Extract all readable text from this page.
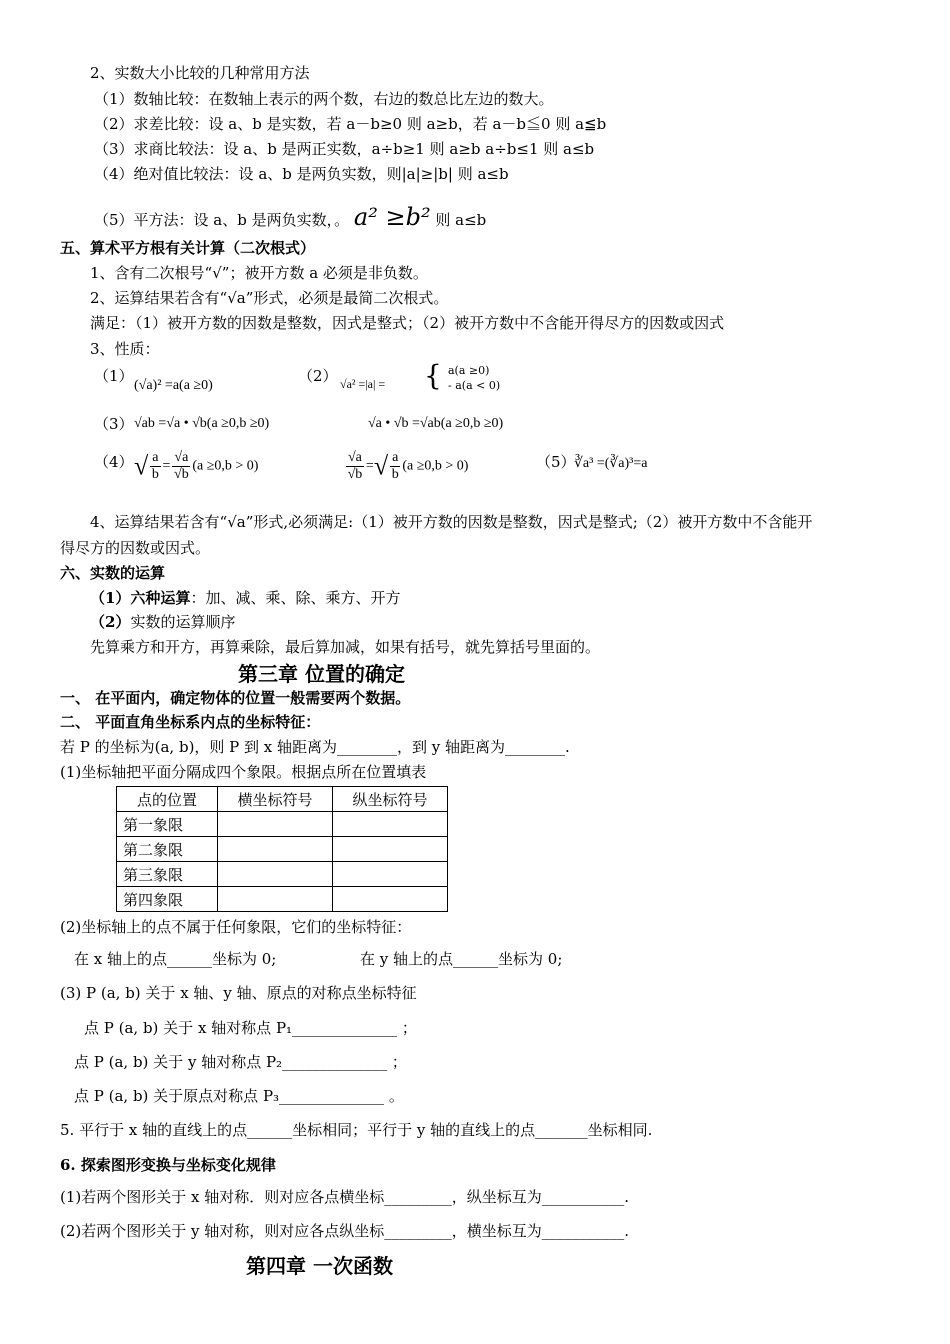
2、实数大小比较的几种常用方法
（1）数轴比较：在数轴上表示的两个数，右边的数总比左边的数大。
（2）求差比较：设 a、b 是实数，若 a－b≥0 则 a≥b，若 a－b≦0 则 a≦b
（3）求商比较法：设 a、b 是两正实数，a÷b≥1 则 a≥b a÷b≤1 则 a≤b
（4）绝对值比较法：设 a、b 是两负实数，则|a|≥|b| 则 a≤b
（5）平方法：设 a、b 是两负实数，。 a² ≥b² 则 a≤b
五、算术平方根有关计算（二次根式）
1、含有二次根号“√”；被开方数 a 必须是非负数。
2、运算结果若含有“√a”形式，必须是最简二次根式。
满足：（1）被开方数的因数是整数，因式是整式；（2）被开方数中不含能开得尽方的因数或因式
3、性质：
（1）
(√a)² =a(a ≥0)
（2） √a² =|a| = { a(a ≥0)
- a(a < 0)
（3） √ab =√a • √b(a ≥0,b ≥0)	√a • √b =√ab(a ≥0,b ≥0)
（4） √ $\frac{a}{b} = \frac{√a}{√b} (a \ge 0,b > 0)$	$\frac{√a}{√b}$ =√ $\frac{a}{b} (a \ge 0,b > 0)$	（5）
∛a³ =(∛a)³=a
4、运算结果若含有“√a”形式,必须满足:（1）被开方数的因数是整数，因式是整式;（2）被开方数中不含能开
得尽方的因数或因式。
六、实数的运算
（1）六种运算：加、减、乘、除、乘方、开方
（2）实数的运算顺序
先算乘方和开方，再算乘除，最后算加减，如果有括号，就先算括号里面的。
第三章 位置的确定
一、 在平面内，确定物体的位置一般需要两个数据。
二、 平面直角坐标系内点的坐标特征：
若 P 的坐标为(a, b)，则 P 到 x 轴距离为________，到 y 轴距离为________.
(1)坐标轴把平面分隔成四个象限。根据点所在位置填表
点的位置	横坐标符号	纵坐标符号
第一象限		
第二象限		
第三象限		
第四象限		
(2)坐标轴上的点不属于任何象限，它们的坐标特征：
在 x 轴上的点______坐标为 0;	在 y 轴上的点______坐标为 0;
(3) P (a, b) 关于 x 轴、y 轴、原点的对称点坐标特征
点 P (a, b) 关于 x 轴对称点 P₁______________ ；
点 P (a, b) 关于 y 轴对称点 P₂______________ ；
点 P (a, b) 关于原点对称点 P₃______________ 。
5. 平行于 x 轴的直线上的点______坐标相同；平行于 y 轴的直线上的点_______坐标相同.
6. 探索图形变换与坐标变化规律
(1)若两个图形关于 x 轴对称．则对应各点横坐标_________，纵坐标互为___________.
(2)若两个图形关于 y 轴对称，则对应各点纵坐标_________，横坐标互为___________.
第四章 一次函数
